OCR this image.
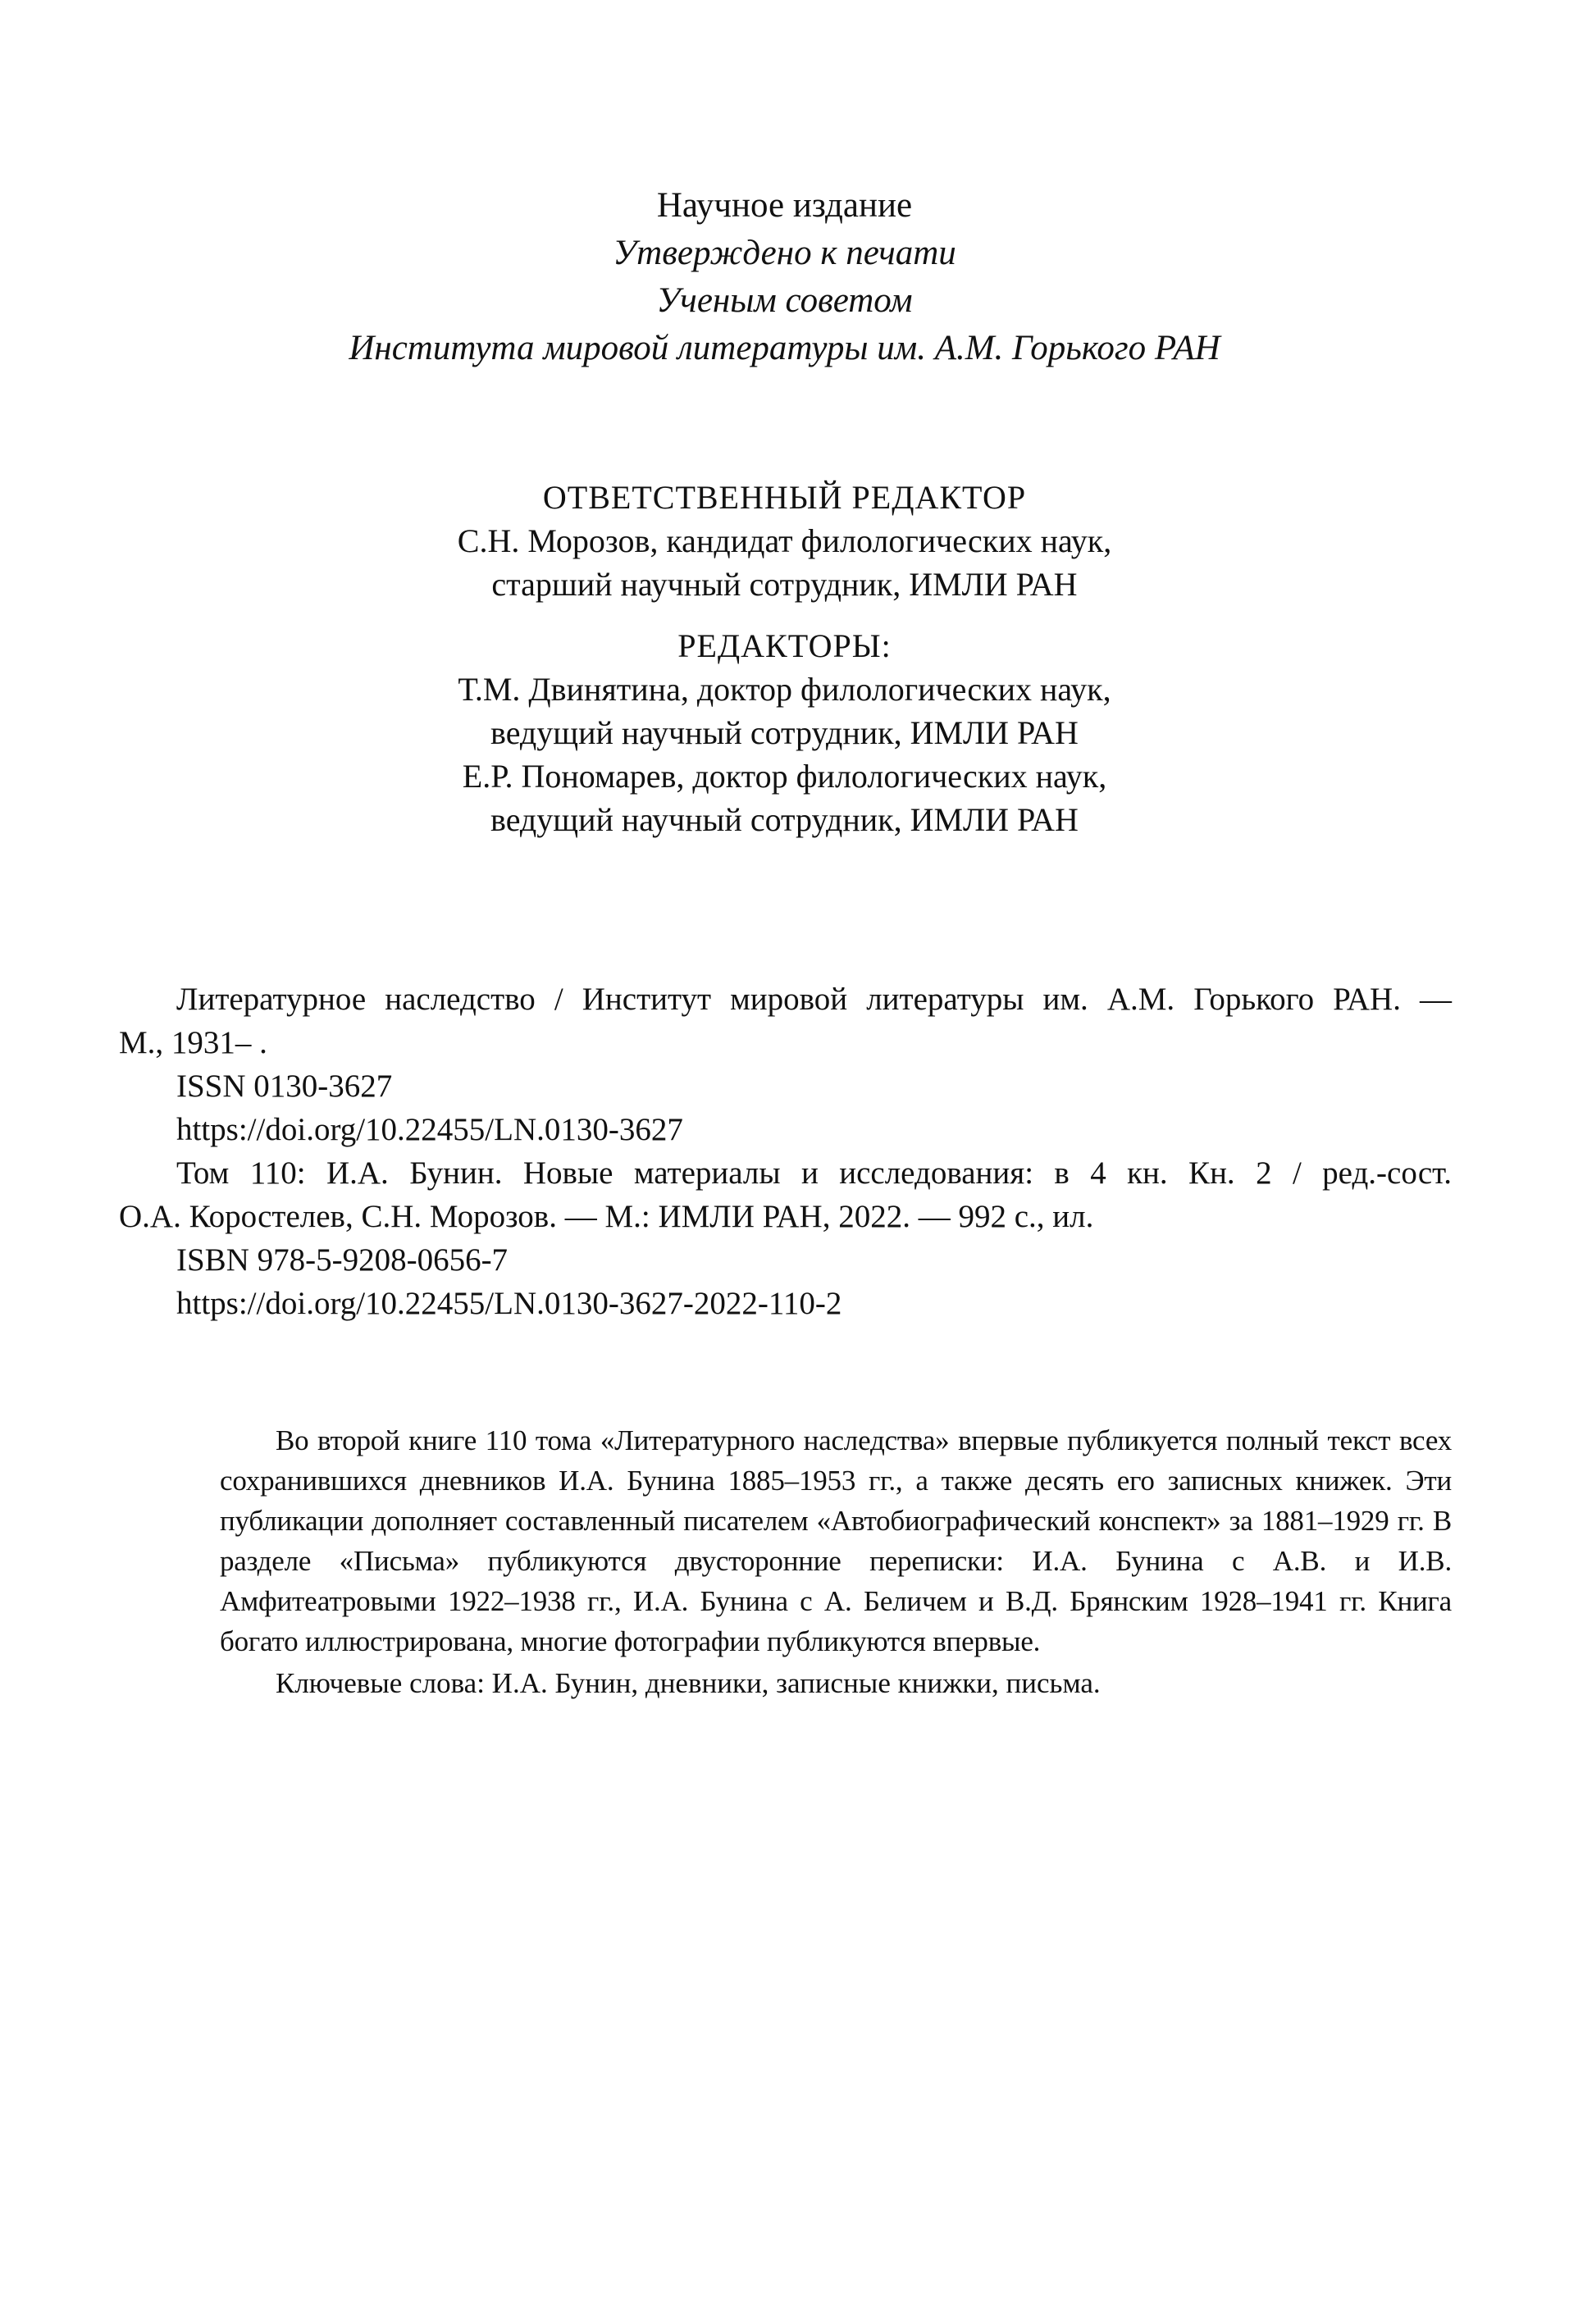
Научное издание
Утверждено к печати
Ученым советом
Института мировой литературы им. А.М. Горького РАН
ОТВЕТСТВЕННЫЙ РЕДАКТОР
С.Н. Морозов, кандидат филологических наук,
старший научный сотрудник, ИМЛИ РАН
РЕДАКТОРЫ:
Т.М. Двинятина, доктор филологических наук,
ведущий научный сотрудник, ИМЛИ РАН
Е.Р. Пономарев, доктор филологических наук,
ведущий научный сотрудник, ИМЛИ РАН
Литературное наследство / Институт мировой литературы им. А.М. Горького РАН. —
М., 1931– .
ISSN 0130-3627
https://doi.org/10.22455/LN.0130-3627
Том 110: И.А. Бунин. Новые материалы и исследования: в 4 кн. Кн. 2 / ред.-сост.
О.А. Коростелев, С.Н. Морозов. — М.: ИМЛИ РАН, 2022. — 992 с., ил.
ISBN 978-5-9208-0656-7
https://doi.org/10.22455/LN.0130-3627-2022-110-2
Во второй книге 110 тома «Литературного наследства» впервые публикуется полный текст всех сохранившихся дневников И.А. Бунина 1885–1953 гг., а также десять его записных книжек. Эти публикации дополняет составленный писателем «Автобиографический конспект» за 1881–1929 гг. В разделе «Письма» публикуются двусторонние переписки: И.А. Бунина с А.В. и И.В. Амфитеатровыми 1922–1938 гг., И.А. Бунина с А. Беличем и В.Д. Брянским 1928–1941 гг. Книга богато иллюстрирована, многие фотографии публикуются впервые.
Ключевые слова: И.А. Бунин, дневники, записные книжки, письма.
